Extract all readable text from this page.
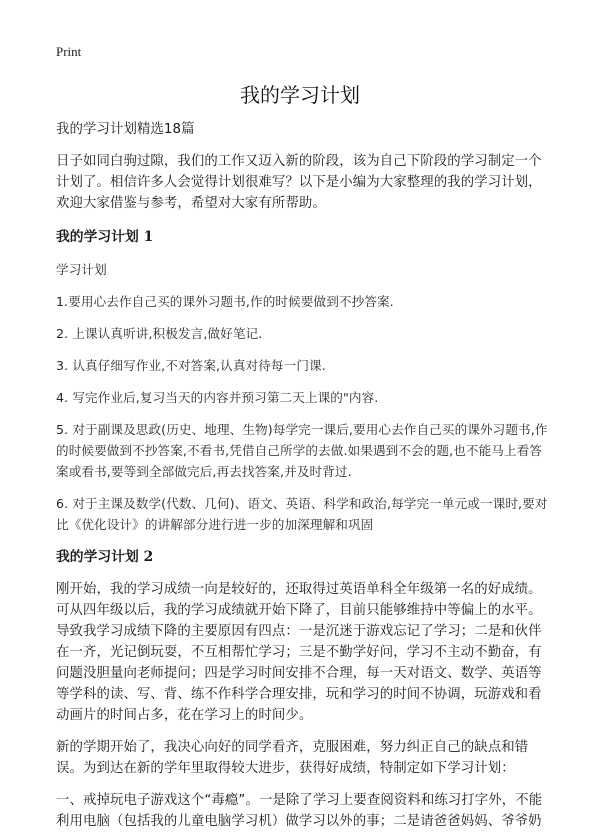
Print
我的学习计划

我的学习计划精选18篇

日子如同白驹过隙，我们的工作又迈入新的阶段，该为自己下阶段的学习制定一个计划了。相信许多人会觉得计划很难写？以下是小编为大家整理的我的学习计划，欢迎大家借鉴与参考，希望对大家有所帮助。

我的学习计划 1

学习计划

1.要用心去作自己买的课外习题书,作的时候要做到不抄答案.

2. 上课认真听讲,积极发言,做好笔记.

3. 认真仔细写作业,不对答案,认真对待每一门课.

4. 写完作业后,复习当天的内容并预习第二天上课的"内容.

5. 对于副课及思政(历史、地理、生物)每学完一课后,要用心去作自己买的课外习题书,作的时候要做到不抄答案,不看书,凭借自己所学的去做.如果遇到不会的题,也不能马上看答案或看书,要等到全部做完后,再去找答案,并及时背过.

6. 对于主课及数学(代数、几何)、语文、英语、科学和政治,每学完一单元或一课时,要对比《优化设计》的讲解部分进行进一步的加深理解和巩固

我的学习计划 2

刚开始，我的学习成绩一向是较好的，还取得过英语单科全年级第一名的好成绩。可从四年级以后，我的学习成绩就开始下降了，目前只能够维持中等偏上的水平。导致我学习成绩下降的主要原因有四点：一是沉迷于游戏忘记了学习；二是和伙伴在一齐，光记倒玩耍，不互相帮忙学习；三是不勤学好问，学习不主动不勤奋，有问题没胆量向老师提问；四是学习时间安排不合理，每一天对语文、数学、英语等等学科的读、写、背、练不作科学合理安排，玩和学习的时间不协调，玩游戏和看动画片的时间占多，花在学习上的时间少。

新的学期开始了，我决心向好的同学看齐，克服困难，努力纠正自己的缺点和错误。为到达在新的学年里取得较大进步，获得好成绩，特制定如下学习计划：

一、戒掉玩电子游戏这个“毒瘾”。一是除了学习上要查阅资料和练习打字外，不能利用电脑（包括我的儿童电脑学习机）做学习以外的事；二是请爸爸妈妈、爷爷奶
